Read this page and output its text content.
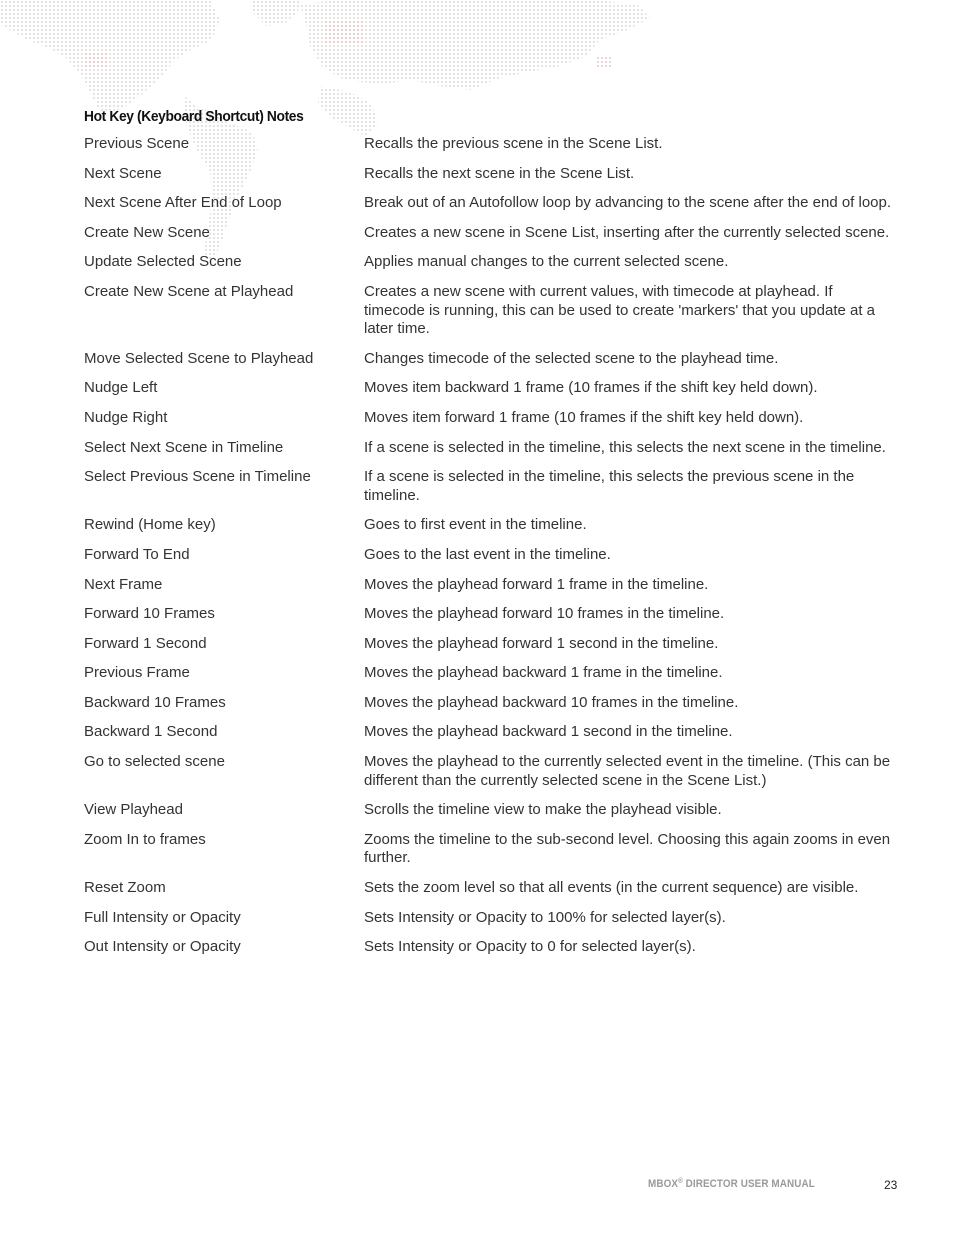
Hot Key (Keyboard Shortcut) Notes
Previous Scene	Recalls the previous scene in the Scene List.
Next Scene	Recalls the next scene in the Scene List.
Next Scene After End of Loop	Break out of an Autofollow loop by advancing to the scene after the end of loop.
Create New Scene	Creates a new scene in Scene List, inserting after the currently selected scene.
Update Selected Scene	Applies manual changes to the current selected scene.
Create New Scene at Playhead	Creates a new scene with current values, with timecode at playhead. If timecode is running, this can be used to create 'markers' that you update at a later time.
Move Selected Scene to Playhead	Changes timecode of the selected scene to the playhead time.
Nudge Left	Moves item backward 1 frame (10 frames if the shift key held down).
Nudge Right	Moves item forward 1 frame (10 frames if the shift key held down).
Select Next Scene in Timeline	If a scene is selected in the timeline, this selects the next scene in the timeline.
Select Previous Scene in Timeline	If a scene is selected in the timeline, this selects the previous scene in the timeline.
Rewind (Home key)	Goes to first event in the timeline.
Forward To End	Goes to the last event in the timeline.
Next Frame	Moves the playhead forward 1 frame in the timeline.
Forward 10 Frames	Moves the playhead forward 10 frames in the timeline.
Forward 1 Second	Moves the playhead forward 1 second in the timeline.
Previous Frame	Moves the playhead backward 1 frame in the timeline.
Backward 10 Frames	Moves the playhead backward 10 frames in the timeline.
Backward 1 Second	Moves the playhead backward 1 second in the timeline.
Go to selected scene	Moves the playhead to the currently selected event in the timeline. (This can be different than the currently selected scene in the Scene List.)
View Playhead	Scrolls the timeline view to make the playhead visible.
Zoom In to frames	Zooms the timeline to the sub-second level. Choosing this again zooms in even further.
Reset Zoom	Sets the zoom level so that all events (in the current sequence) are visible.
Full Intensity or Opacity	Sets Intensity or Opacity to 100% for selected layer(s).
Out Intensity or Opacity	Sets Intensity or Opacity to 0 for selected layer(s).
MBOX® DIRECTOR USER MANUAL	23
